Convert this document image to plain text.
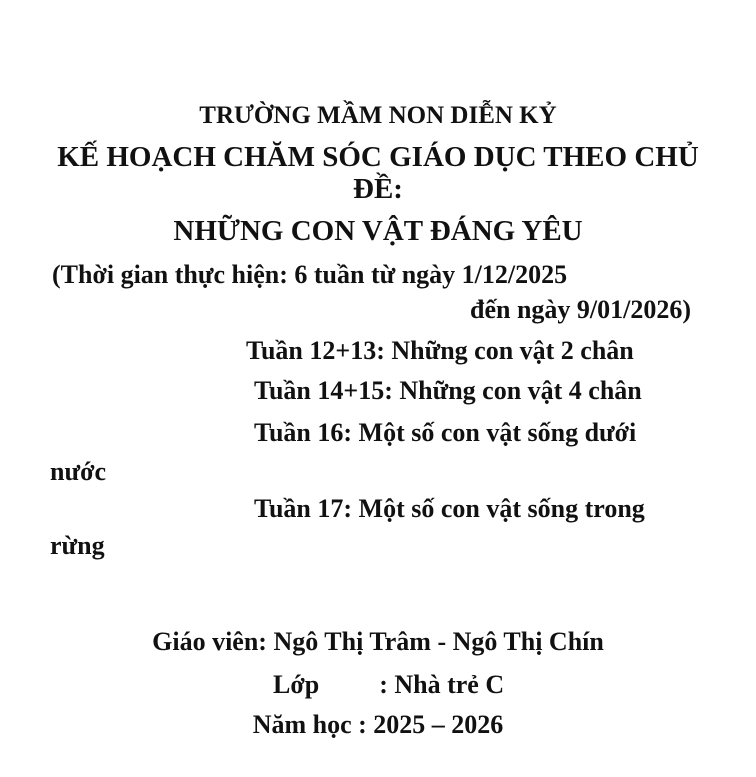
TRƯỜNG MẦM NON DIỄN KỶ
KẾ HOẠCH CHĂM SÓC GIÁO DỤC THEO CHỦ
ĐỀ:
NHỮNG CON VẬT ĐÁNG YÊU
(Thời gian thực hiện: 6 tuần từ ngày 1/12/2025
đến ngày 9/01/2026)
Tuần 12+13: Những con vật 2 chân
Tuần 14+15: Những con vật 4 chân
Tuần 16: Một số con vật sống dưới
nước
Tuần 17: Một số con vật sống trong
rừng
Giáo viên: Ngô Thị Trâm - Ngô Thị Chín
Lớp : Nhà trẻ C
Năm học : 2025 – 2026
